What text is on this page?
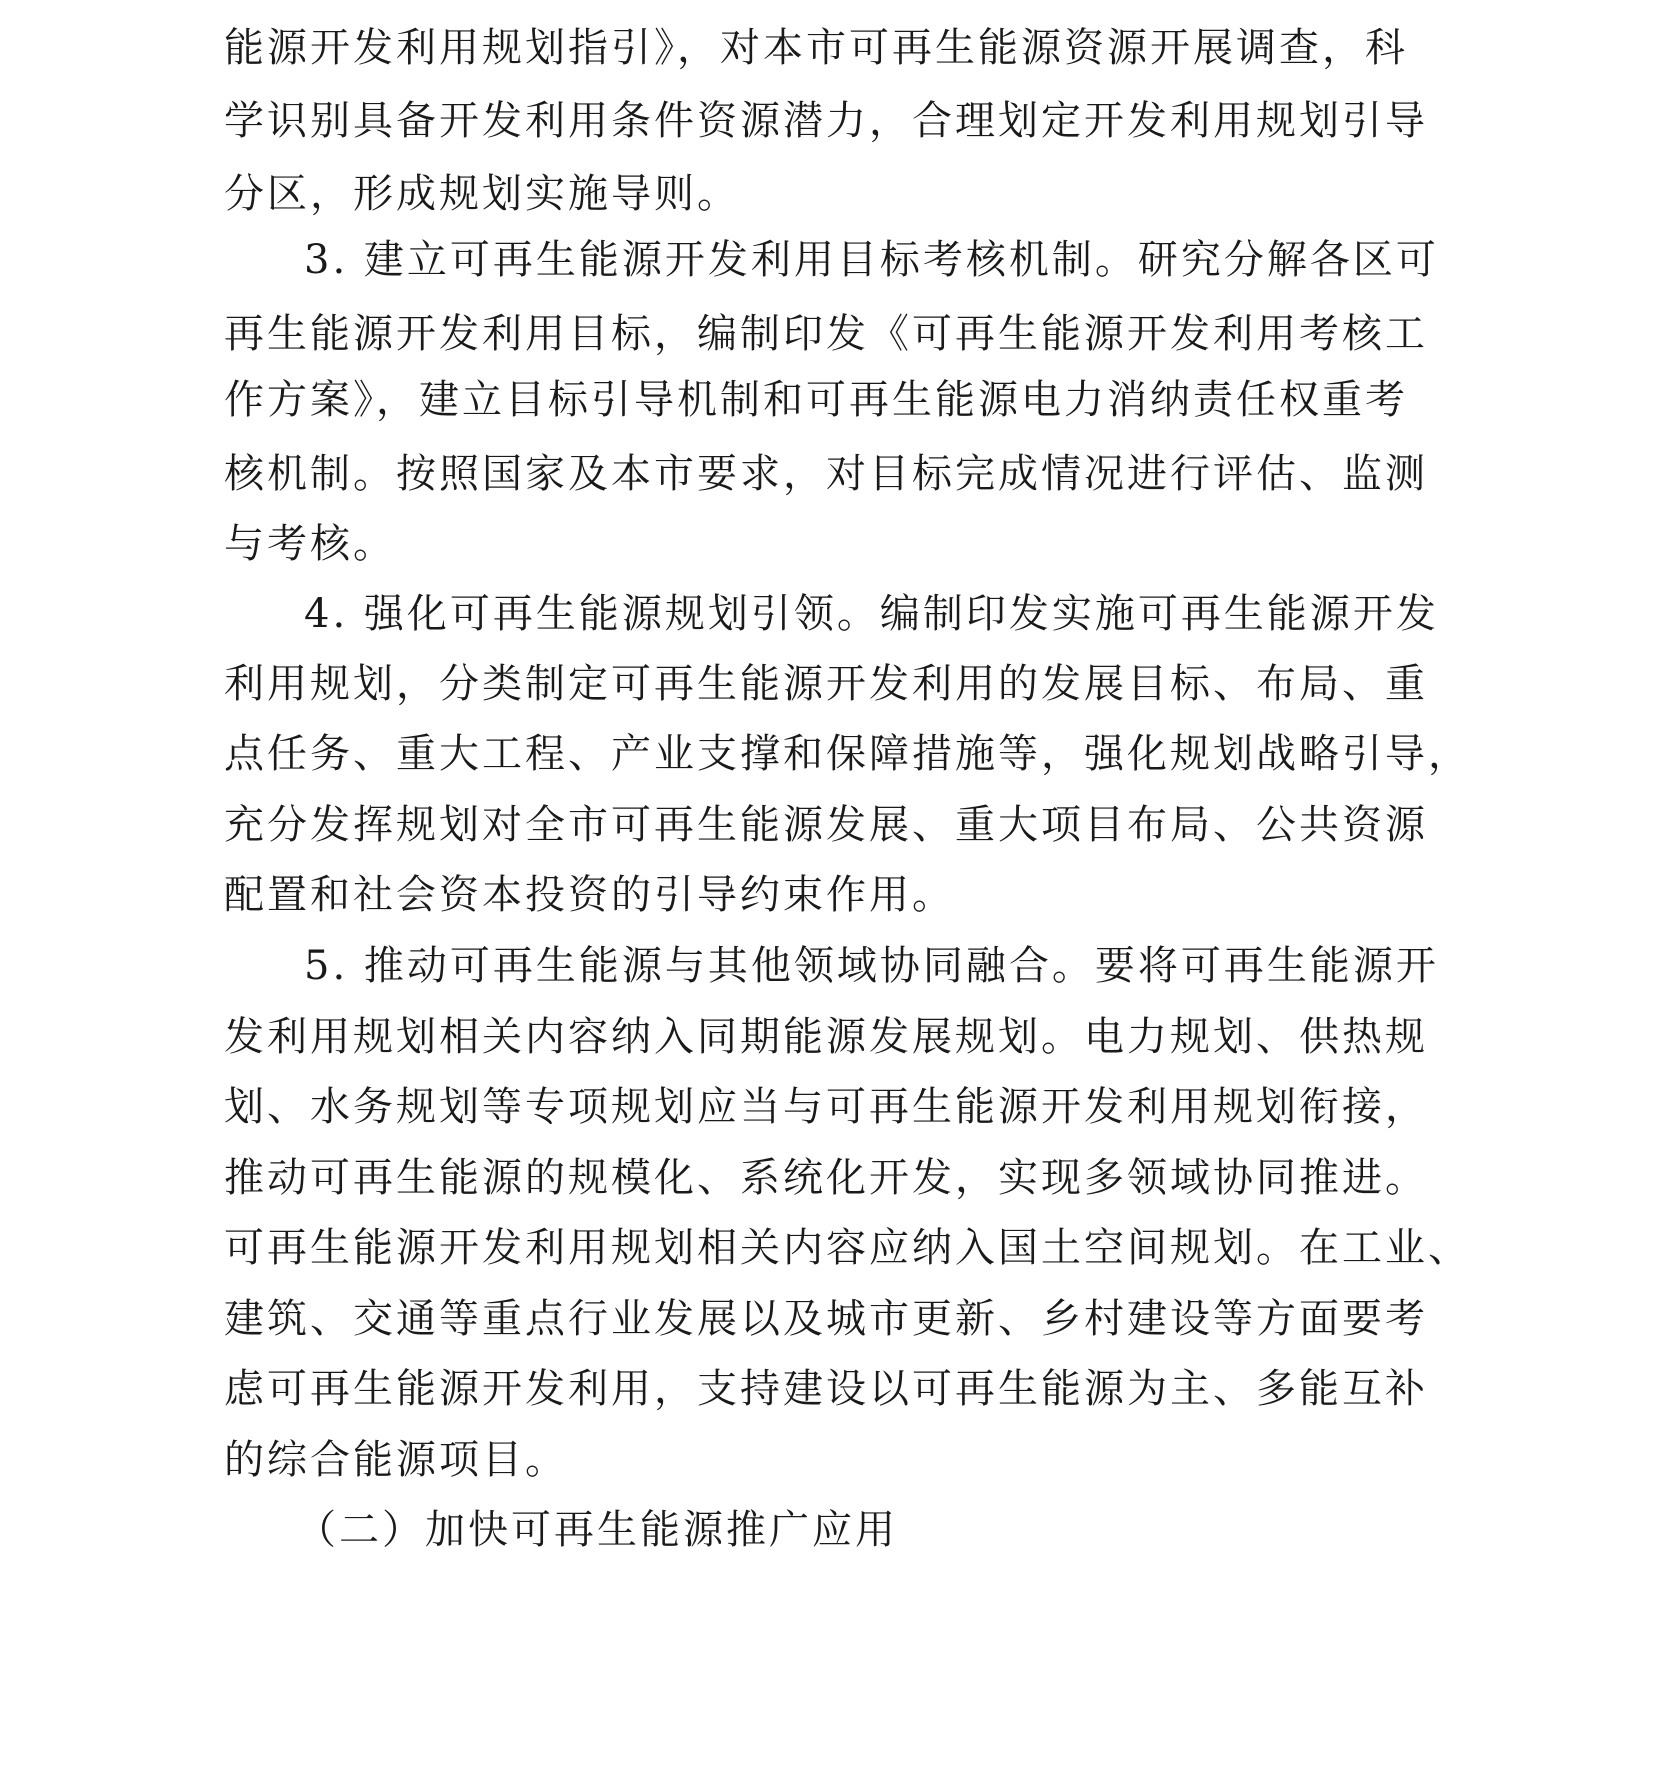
能源开发利用规划指引》，对本市可再生能源资源开展调查，科

学识别具备开发利用条件资源潜力，合理划定开发利用规划引导

分区，形成规划实施导则。

3. 建立可再生能源开发利用目标考核机制。研究分解各区可

再生能源开发利用目标，编制印发《可再生能源开发利用考核工

作方案》，建立目标引导机制和可再生能源电力消纳责任权重考

核机制。按照国家及本市要求，对目标完成情况进行评估、监测

与考核。

4. 强化可再生能源规划引领。编制印发实施可再生能源开发

利用规划，分类制定可再生能源开发利用的发展目标、布局、重

点任务、重大工程、产业支撑和保障措施等，强化规划战略引导，

充分发挥规划对全市可再生能源发展、重大项目布局、公共资源

配置和社会资本投资的引导约束作用。

5. 推动可再生能源与其他领域协同融合。要将可再生能源开

发利用规划相关内容纳入同期能源发展规划。电力规划、供热规

划、水务规划等专项规划应当与可再生能源开发利用规划衔接，

推动可再生能源的规模化、系统化开发，实现多领域协同推进。

可再生能源开发利用规划相关内容应纳入国土空间规划。在工业、

建筑、交通等重点行业发展以及城市更新、乡村建设等方面要考

虑可再生能源开发利用，支持建设以可再生能源为主、多能互补

的综合能源项目。

（二）加快可再生能源推广应用
